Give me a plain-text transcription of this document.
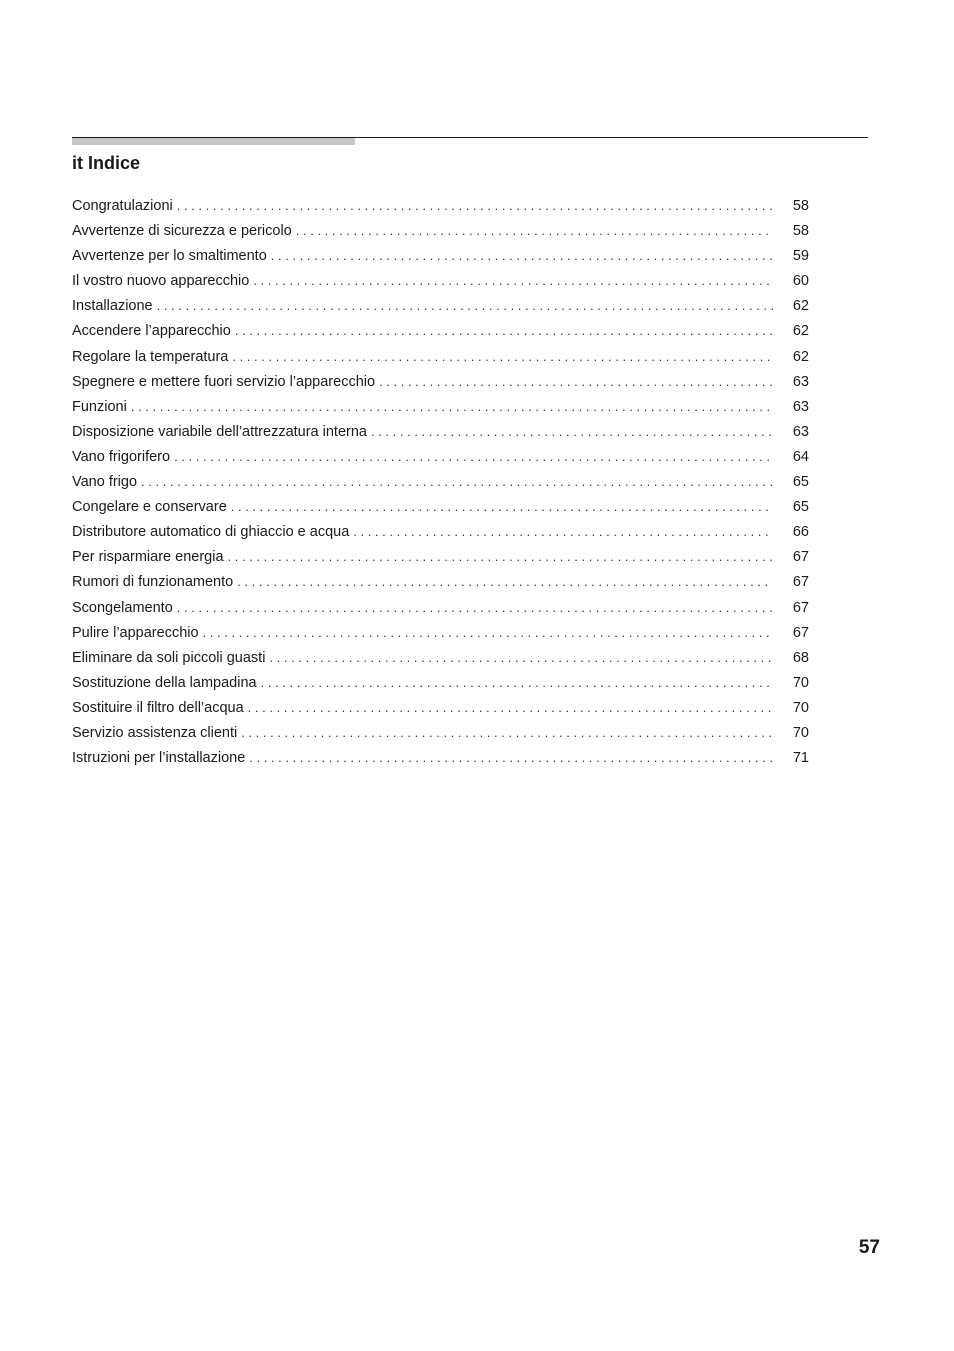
it Indice
Congratulazioni . . .	58
Avvertenze di sicurezza e pericolo . . .	58
Avvertenze per lo smaltimento . . .	59
Il vostro nuovo apparecchio . . .	60
Installazione . . .	62
Accendere l’apparecchio . . .	62
Regolare la temperatura . . .	62
Spegnere e mettere fuori servizio l’apparecchio . . .	63
Funzioni . . .	63
Disposizione variabile dell’attrezzatura interna . . .	63
Vano frigorifero . . .	64
Vano frigo . . .	65
Congelare e conservare . . .	65
Distributore automatico di ghiaccio e acqua . . .	66
Per risparmiare energia . . .	67
Rumori di funzionamento . . .	67
Scongelamento . . .	67
Pulire l’apparecchio . . .	67
Eliminare da soli piccoli guasti . . .	68
Sostituzione della lampadina . . .	70
Sostituire il filtro dell’acqua . . .	70
Servizio assistenza clienti . . .	70
Istruzioni per l’installazione . . .	71
57
